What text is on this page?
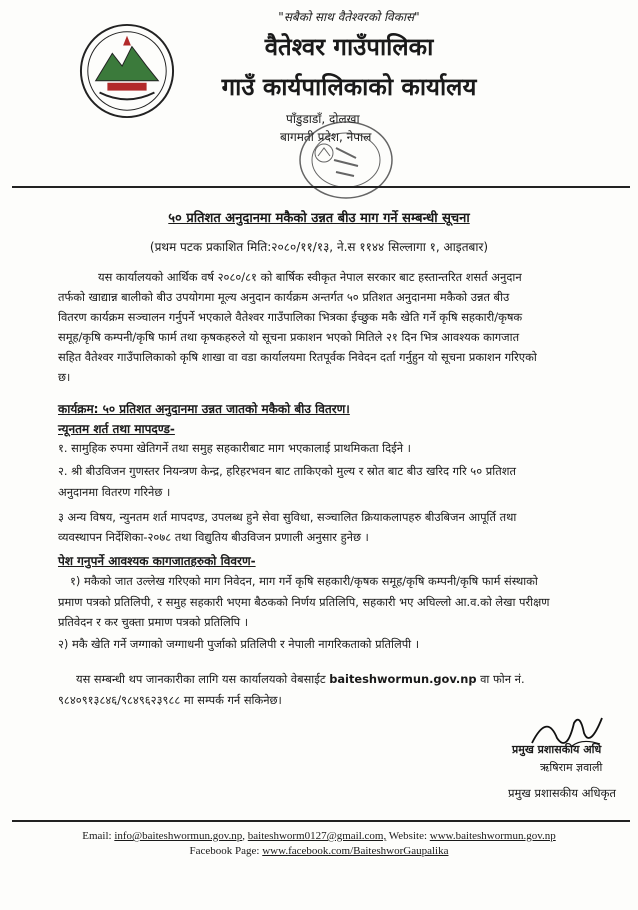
"सबैको साथ वैतेश्वरको विकास"
वैतेश्वर गाउँपालिका
गाउँ कार्यपालिकाको कार्यालय
पाँडुडाडाँ, दोलखा
बागमती प्रदेश, नेपाल
५० प्रतिशत अनुदानमा मकैको उन्नत बीउ माग गर्ने सम्बन्धी सूचना
(प्रथम पटक प्रकाशित मिति:२०८०/११/१३, ने.स ११४४ सिल्लागा १, आइतबार)
यस कार्यालयको आर्थिक वर्ष २०८०/८१ को बार्षिक स्वीकृत नेपाल सरकार बाट हस्तान्तरित शसर्त अनुदान
तर्फको खाद्यान्न बालीको बीउ उपयोगमा मूल्य अनुदान कार्यक्रम अन्तर्गत ५० प्रतिशत अनुदानमा मकैको उन्नत बीउ
वितरण कार्यक्रम सञ्चालन गर्नुपर्ने भएकाले वैतेश्वर गाउँपालिका भित्रका ईच्छुक मकै खेति गर्ने कृषि सहकारी/कृषक
समूह/कृषि कम्पनी/कृषि फार्म तथा कृषकहरुले यो सूचना प्रकाशन भएको मितिले २१ दिन भित्र आवश्यक कागजात
सहित वैतेश्वर गाउँपालिकाको कृषि शाखा वा वडा कार्यालयमा रितपूर्वक निवेदन दर्ता गर्नुहुन यो सूचना प्रकाशन गरिएको
छ।
कार्यक्रम: ५० प्रतिशत अनुदानमा उन्नत जातको मकैको बीउ वितरण।
न्यूनतम शर्त तथा मापदण्ड-
१. सामुहिक रुपमा खेतिगर्ने तथा समुह सहकारीबाट माग भएकालाई प्राथमिकता दिईने ।
२. श्री बीउविजन गुणस्तर नियन्त्रण केन्द्र, हरिहरभवन बाट ताकिएको मुल्य र स्रोत बाट बीउ खरिद गरि ५० प्रतिशत
अनुदानमा वितरण गरिनेछ ।
३ अन्य विषय, न्युनतम शर्त मापदण्ड, उपलब्ध हुने सेवा सुविधा, सञ्चालित क्रियाकलापहरु बीउबिजन आपूर्ति तथा
व्यवस्थापन निर्देशिका-२०७८ तथा विद्युतिय बीउविजन प्रणाली अनुसार हुनेछ ।
पेश गनुपर्ने आवश्यक कागजातहरुको विवरण-
१) मकैको जात उल्लेख गरिएको माग निवेदन, माग गर्ने कृषि सहकारी/कृषक समूह/कृषि कम्पनी/कृषि फार्म संस्थाको
प्रमाण पत्रको प्रतिलिपी, र समुह सहकारी भएमा बैठकको निर्णय प्रतिलिपि, सहकारी भए अघिल्लो आ.व.को लेखा परीक्षण
प्रतिवेदन र कर चुक्ता प्रमाण पत्रको प्रतिलिपि ।
२) मकै खेति गर्ने जग्गाको जग्गाधनी पुर्जाको प्रतिलिपी र नेपाली नागरिकताको प्रतिलिपी ।
यस सम्बन्धी थप जानकारीका लागि यस कार्यालयको वेबसाईट baiteshwormun.gov.np वा फोन नं.
९८४०९१३८४६/९८४९६२३९८८ मा सम्पर्क गर्न सकिनेछ।
प्रमुख प्रशासकीय अधि
ऋषिराम ज्ञवाली
प्रमुख प्रशासकीय अधिकृत
Email: info@baiteshwormun.gov.np, baiteshworm0127@gmail.com, Website: www.baiteshwormun.gov.np
Facebook Page: www.facebook.com/BaiteshworGaupalika
